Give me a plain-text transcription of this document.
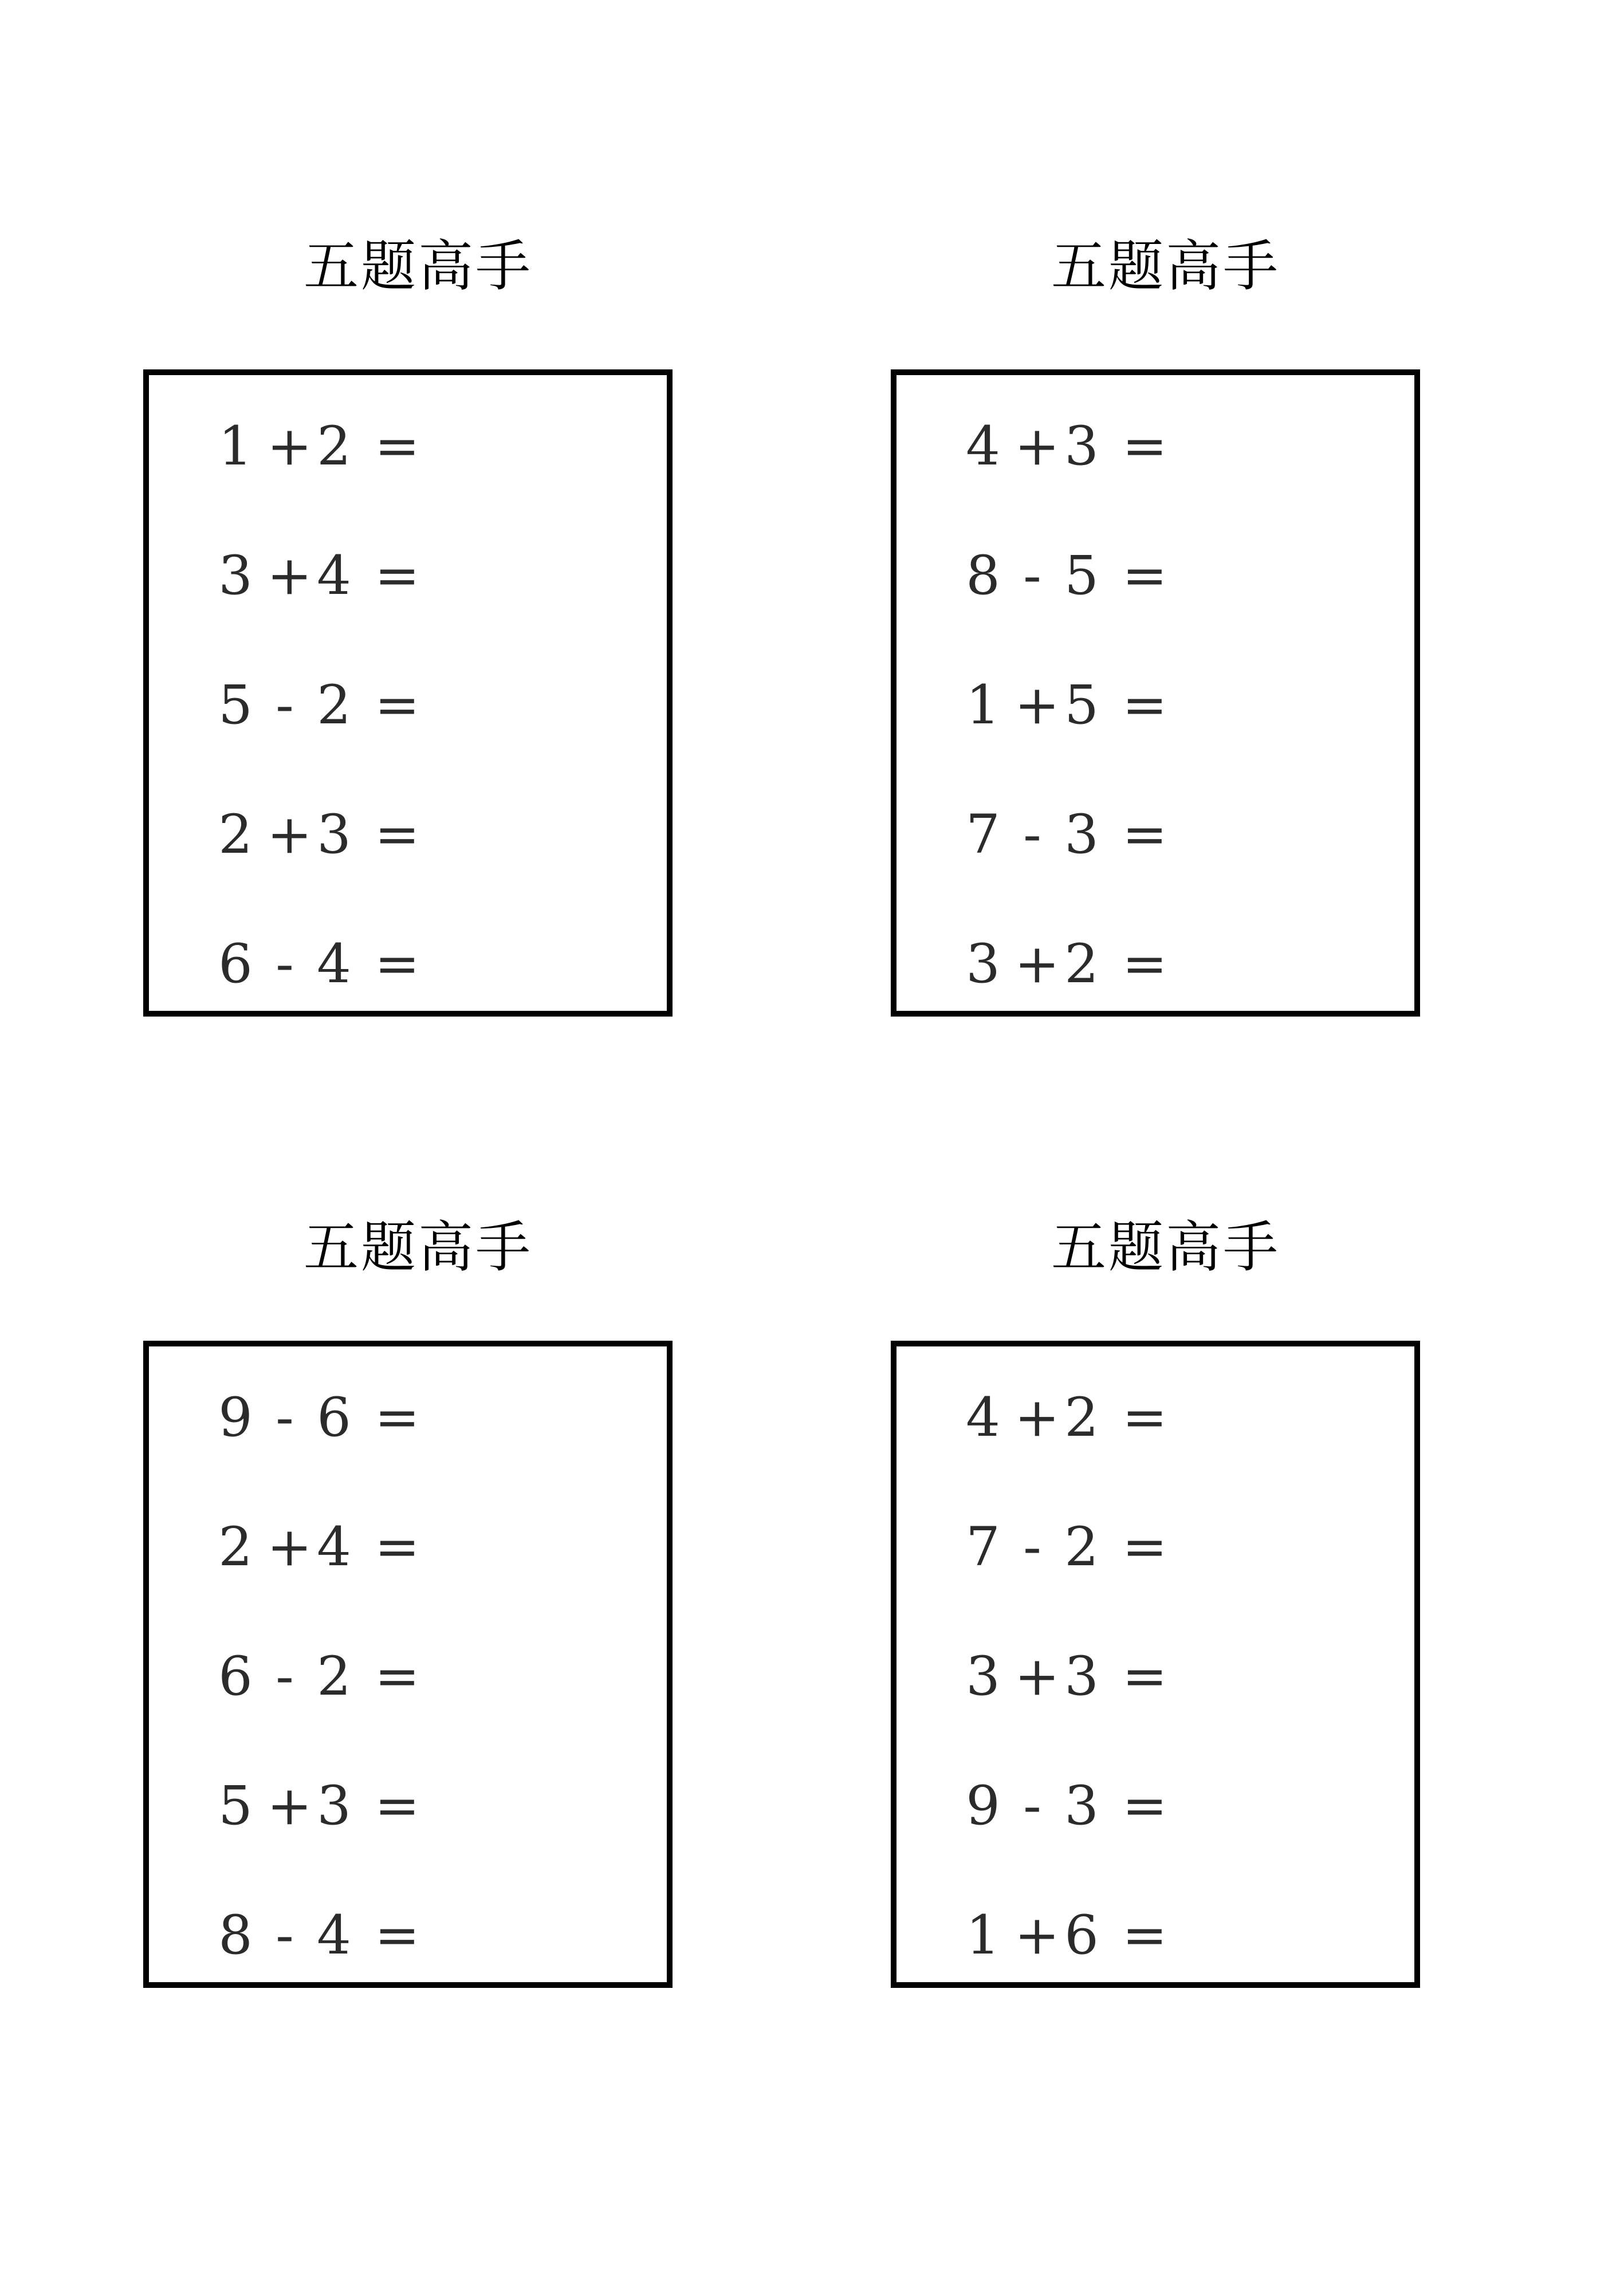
五题高手
1 + 2 =
3 + 4 =
5 - 2 =
2 + 3 =
6 - 4 =
五题高手
4 + 3 =
8 - 5 =
1 + 5 =
7 - 3 =
3 + 2 =
五题高手
9 - 6 =
2 + 4 =
6 - 2 =
5 + 3 =
8 - 4 =
五题高手
4 + 2 =
7 - 2 =
3 + 3 =
9 - 3 =
1 + 6 =
